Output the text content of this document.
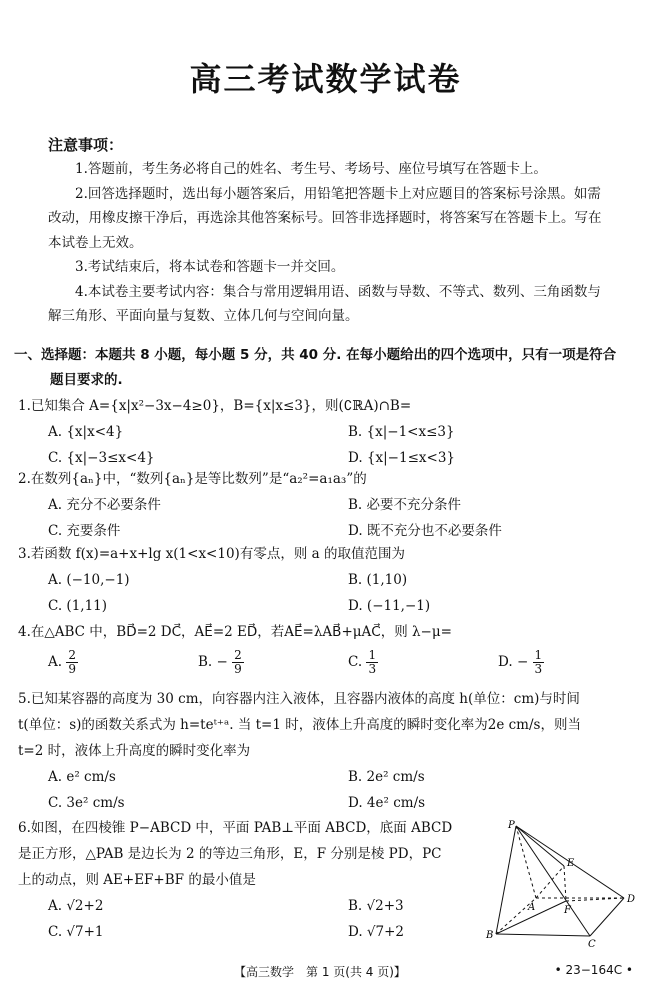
高三考试数学试卷
注意事项：

1.答题前，考生务必将自己的姓名、考生号、考场号、座位号填写在答题卡上。

2.回答选择题时，选出每小题答案后，用铅笔把答题卡上对应题目的答案标号涂黑。如需改动，用橡皮擦干净后，再选涂其他答案标号。回答非选择题时，将答案写在答题卡上。写在本试卷上无效。

3.考试结束后，将本试卷和答题卡一并交回。

4.本试卷主要考试内容：集合与常用逻辑用语、函数与导数、不等式、数列、三角函数与解三角形、平面向量与复数、立体几何与空间向量。

一、选择题：本题共 8 小题，每小题 5 分，共 40 分. 在每小题给出的四个选项中，只有一项是符合
题目要求的.
1.已知集合 A={x|x²−3x−4≥0}，B={x|x≤3}，则(∁ℝA)∩B=
A. {x|x<4}	B. {x|−1<x≤3}
C. {x|−3≤x<4}	D. {x|−1≤x<3}
2.在数列{aₙ}中，“数列{aₙ}是等比数列”是“a₂²=a₁a₃”的
A. 充分不必要条件	B. 必要不充分条件
C. 充要条件	D. 既不充分也不必要条件
3.若函数 f(x)=a+x+lg x(1<x<10)有零点，则 a 的取值范围为
A. (−10,−1)	B. (1,10)
C. (1,11)	D. (−11,−1)
4.在△ABC 中，BD⃗=2 DC⃗，AE⃗=2 ED⃗，若AE⃗=λAB⃗+μAC⃗，则 λ−μ=
A. $\frac{2}{9}$	B. − $\frac{2}{9}$	C. $\frac{1}{3}$	D. − $\frac{1}{3}$
5.已知某容器的高度为 30 cm，向容器内注入液体，且容器内液体的高度 h(单位：cm)与时间
t(单位：s)的函数关系式为 h=teᵗ⁺ᵃ. 当 t=1 时，液体上升高度的瞬时变化率为2e cm/s，则当
t=2 时，液体上升高度的瞬时变化率为
A. e² cm/s	B. 2e² cm/s
C. 3e² cm/s	D. 4e² cm/s
6.如图，在四棱锥 P−ABCD 中，平面 PAB⊥平面 ABCD，底面 ABCD
是正方形，△PAB 是边长为 2 的等边三角形，E，F 分别是棱 PD，PC
上的动点，则 AE+EF+BF 的最小值是
A. √2+2	B. √2+3
C. √7+1	D. √7+2
P
E
A	F
D
B
C
【高三数学　第 1 页(共 4 页)】	• 23−164C •
